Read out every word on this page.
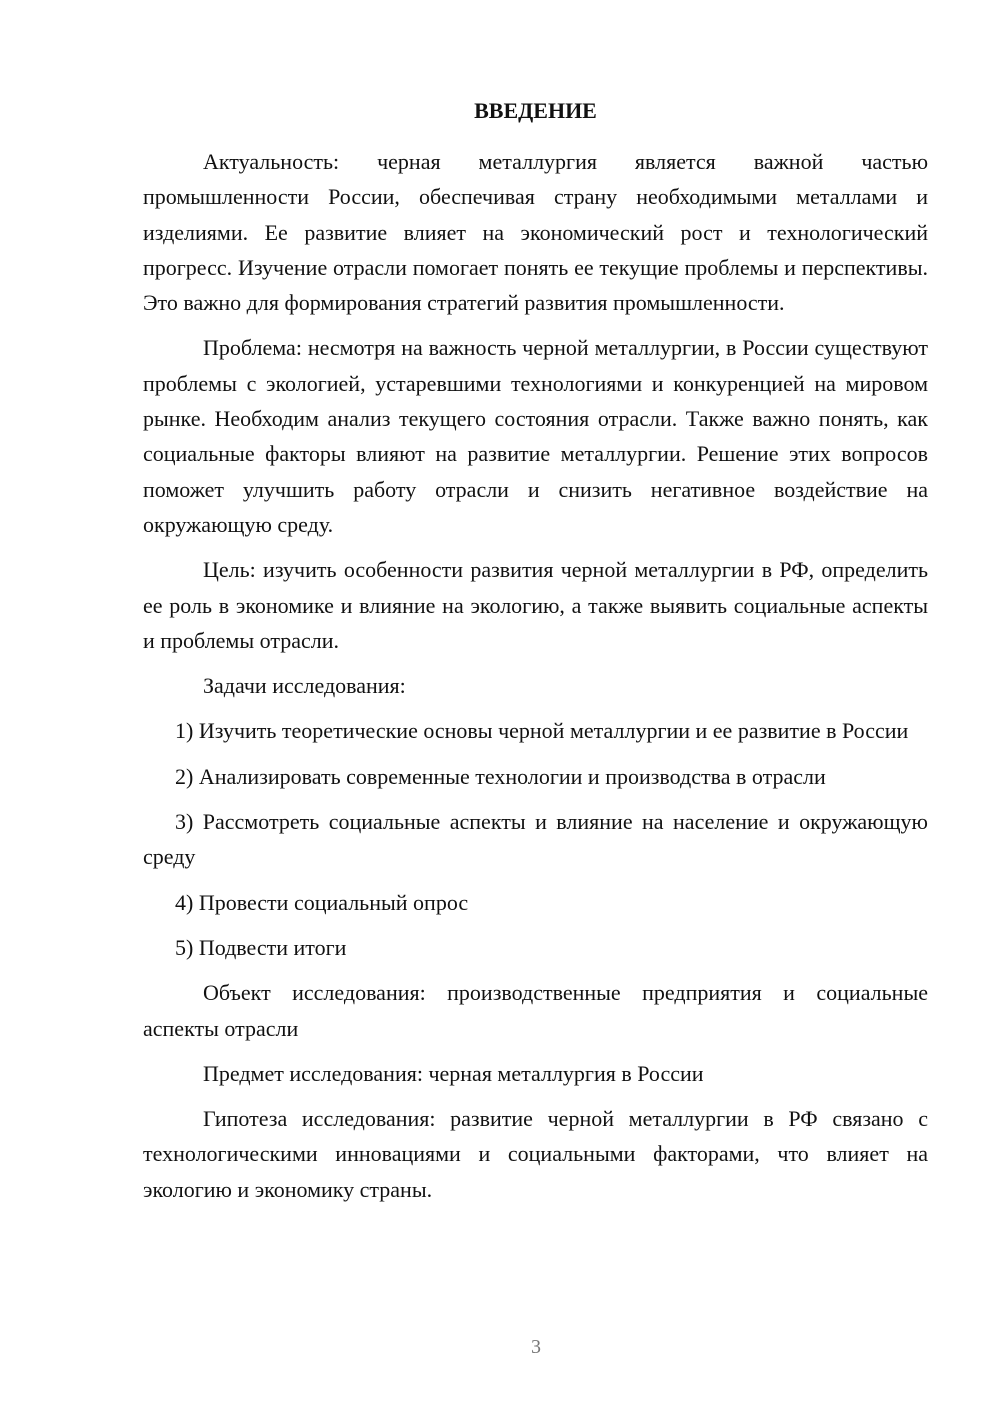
ВВЕДЕНИЕ

Актуальность: черная металлургия является важной частью промышленности России, обеспечивая страну необходимыми металлами и изделиями. Ее развитие влияет на экономический рост и технологический прогресс. Изучение отрасли помогает понять ее текущие проблемы и перспективы. Это важно для формирования стратегий развития промышленности.

Проблема: несмотря на важность черной металлургии, в России существуют проблемы с экологией, устаревшими технологиями и конкуренцией на мировом рынке. Необходим анализ текущего состояния отрасли. Также важно понять, как социальные факторы влияют на развитие металлургии. Решение этих вопросов поможет улучшить работу отрасли и снизить негативное воздействие на окружающую среду.

Цель: изучить особенности развития черной металлургии в РФ, определить ее роль в экономике и влияние на экологию, а также выявить социальные аспекты и проблемы отрасли.

Задачи исследования:

1) Изучить теоретические основы черной металлургии и ее развитие в России

2) Анализировать современные технологии и производства в отрасли

3) Рассмотреть социальные аспекты и влияние на население и окружающую среду

4) Провести социальный опрос

5) Подвести итоги

Объект исследования: производственные предприятия и социальные аспекты отрасли

Предмет исследования: черная металлургия в России

Гипотеза исследования: развитие черной металлургии в РФ связано с технологическими инновациями и социальными факторами, что влияет на экологию и экономику страны.

3
